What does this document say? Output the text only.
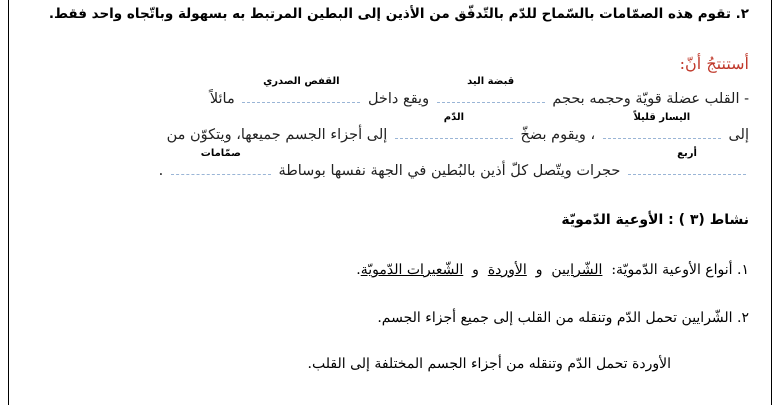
٢. تقوم هذه الصمّامات بالسّماح للدّم بالتّدفّق من الأذين إلى البطين المرتبط به بسهولة وباتّجاه واحد فقط.
أستنتجُ أنّ:
- القلب عضلة قويّة وحجمه بحجم
قبضة اليد
ويقع داخل
القفص الصدري
مائلاً
إلى
اليسار قليلاً
، ويقوم بضخّ
الدّم
إلى أجزاء الجسم جميعها، ويتكوّن من
أربع
حجرات ويتّصل كلّ أذين بالبُطين في الجهة نفسها بوساطة
صمّامات
.
نشاط (٣ ) : الأوعية الدّمويّة
١. أنواع الأوعية الدّمويّة:  الشّرايين  و  الأوردة  و  الشّعيرات الدّمويّة.
٢. الشّرايين تحمل الدّم وتنقله من القلب إلى جميع أجزاء الجسم.
الأوردة تحمل الدّم وتنقله من أجزاء الجسم المختلفة إلى القلب.
